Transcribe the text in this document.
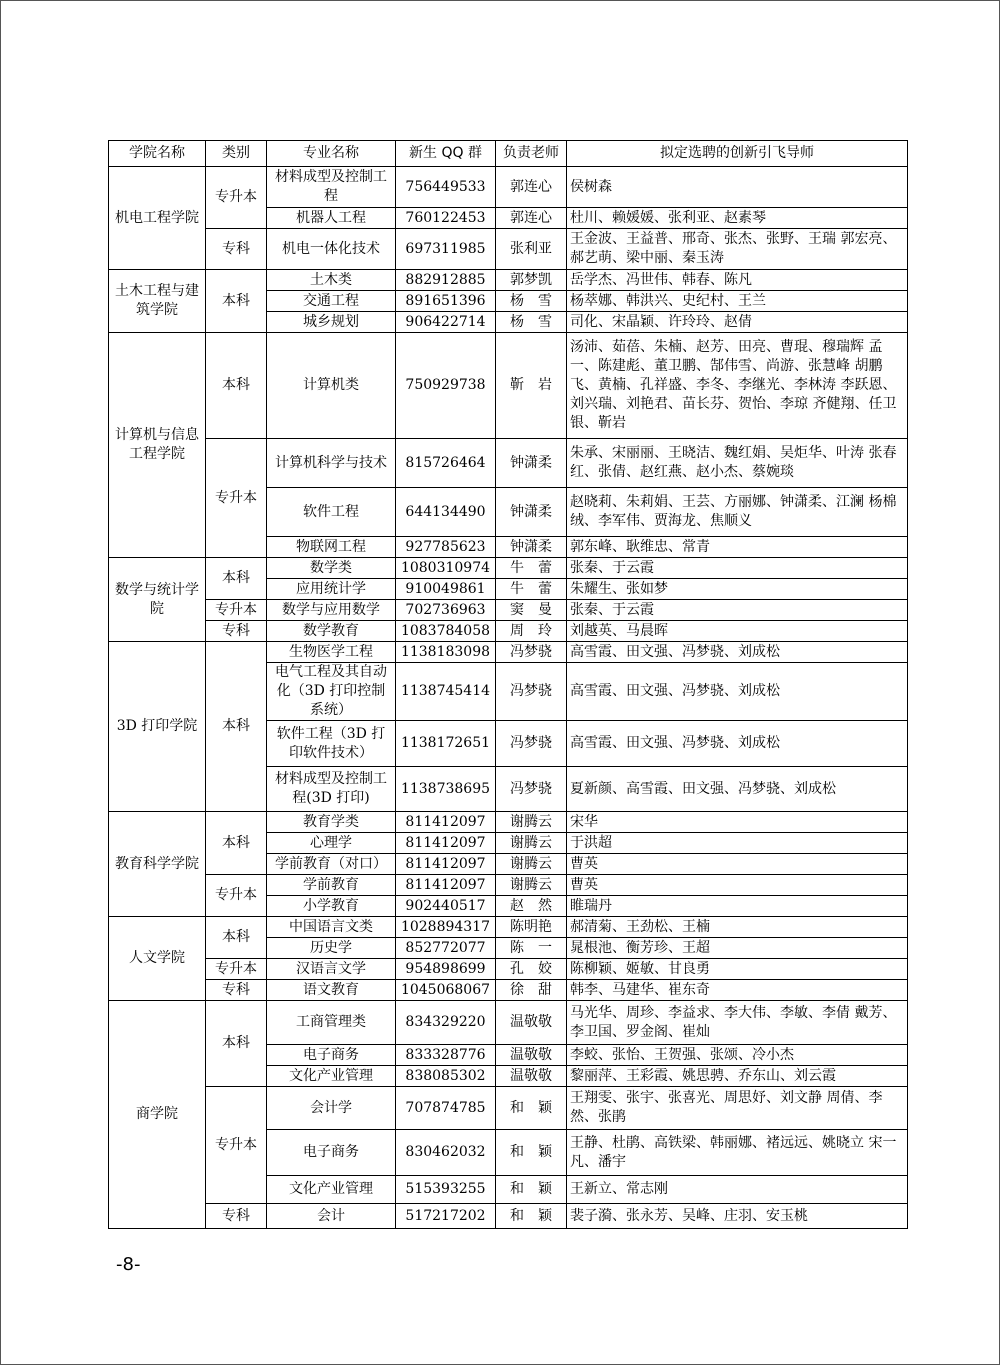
学院名称	类别	专业名称	新生 QQ 群	负责老师	拟定选聘的创新引飞导师
机电工程学院	专升本	材料成型及控制工程	756449533	郭连心	侯树森
		机器人工程	760122453	郭连心	杜川、赖媛媛、张利亚、赵素琴
	专科	机电一体化技术	697311985	张利亚	王金波、王益普、邢奇、张杰、张野、王瑞 郭宏亮、郝艺萌、梁中丽、秦玉涛
土木工程与建筑学院	本科	土木类	882912885	郭梦凯	岳学杰、冯世伟、韩春、陈凡
		交通工程	891651396	杨　雪	杨萃娜、韩洪兴、史纪村、王兰
		城乡规划	906422714	杨　雪	司化、宋晶颖、许玲玲、赵倩
计算机与信息工程学院	本科	计算机类	750929738	靳　岩	汤沛、茹蓓、朱楠、赵芳、田亮、曹琨、穆瑞辉 孟一、陈建彪、董卫鹏、郜伟雪、尚游、张慧峰 胡鹏飞、黄楠、孔祥盛、李冬、李继光、李林涛 李跃恩、刘兴瑞、刘艳君、苗长芬、贺怡、李琼 齐健翔、任卫银、靳岩
	专升本	计算机科学与技术	815726464	钟潇柔	朱承、宋丽丽、王晓洁、魏红娟、吴炬华、叶涛 张春红、张倩、赵红燕、赵小杰、蔡婉琰
		软件工程	644134490	钟潇柔	赵晓莉、朱莉娟、王芸、方丽娜、钟潇柔、江澜 杨棉绒、李军伟、贾海龙、焦顺义
		物联网工程	927785623	钟潇柔	郭东峰、耿维忠、常青
数学与统计学院	本科	数学类	1080310974	牛　蕾	张秦、于云霞
		应用统计学	910049861	牛　蕾	朱耀生、张如梦
	专升本	数学与应用数学	702736963	窦　曼	张秦、于云霞
	专科	数学教育	1083784058	周　玲	刘越英、马晨晖
3D 打印学院	本科	生物医学工程	1138183098	冯梦骁	高雪霞、田文强、冯梦骁、刘成松
		电气工程及其自动化（3D 打印控制系统）	1138745414	冯梦骁	高雪霞、田文强、冯梦骁、刘成松
		软件工程（3D 打印软件技术）	1138172651	冯梦骁	高雪霞、田文强、冯梦骁、刘成松
		材料成型及控制工程(3D 打印)	1138738695	冯梦骁	夏新颜、高雪霞、田文强、冯梦骁、刘成松
教育科学学院	本科	教育学类	811412097	谢腾云	宋华
		心理学	811412097	谢腾云	于洪超
		学前教育（对口）	811412097	谢腾云	曹英
	专升本	学前教育	811412097	谢腾云	曹英
		小学教育	902440517	赵　然	睢瑞丹
人文学院	本科	中国语言文类	1028894317	陈明艳	郝清菊、王劲松、王楠
		历史学	852772077	陈　一	晁根池、衡芳珍、王超
	专升本	汉语言文学	954898699	孔　姣	陈柳颖、姬敏、甘良勇
	专科	语文教育	1045068067	徐　甜	韩李、马建华、崔东奇
商学院	本科	工商管理类	834329220	温敬敬	马光华、周珍、李益求、李大伟、李敏、李倩 戴芳、李卫国、罗金阁、崔灿
		电子商务	833328776	温敬敬	李蛟、张怡、王贺强、张颂、冷小杰
		文化产业管理	838085302	温敬敬	黎丽萍、王彩霞、姚思骋、乔东山、刘云霞
	专升本	会计学	707874785	和　颖	王翔雯、张宇、张喜光、周思妤、刘文静 周倩、李然、张鹃
		电子商务	830462032	和　颖	王静、杜鹃、高铁梁、韩丽娜、褚远远、姚晓立 宋一凡、潘宇
		文化产业管理	515393255	和　颖	王新立、常志刚
	专科	会计	517217202	和　颖	裴子漪、张永芳、吴峰、庄羽、安玉桃
-8-
